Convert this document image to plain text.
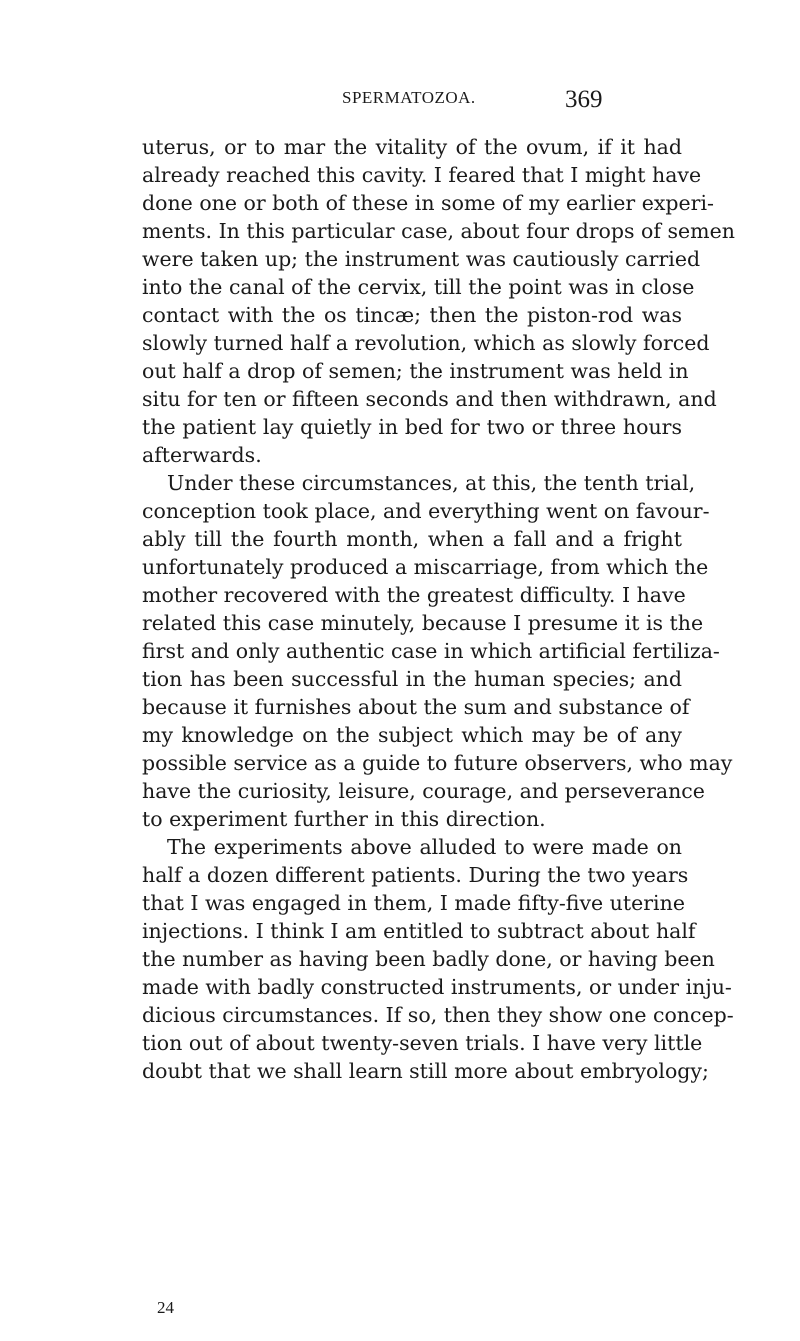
SPERMATOZOA.	369
uterus, or to mar the vitality of the ovum, if it had
already reached this cavity. I feared that I might have
done one or both of these in some of my earlier experi-
ments. In this particular case, about four drops of semen
were taken up; the instrument was cautiously carried
into the canal of the cervix, till the point was in close
contact with the os tincæ; then the piston-rod was
slowly turned half a revolution, which as slowly forced
out half a drop of semen; the instrument was held in
situ for ten or fifteen seconds and then withdrawn, and
the patient lay quietly in bed for two or three hours
afterwards.
Under these circumstances, at this, the tenth trial,
conception took place, and everything went on favour-
ably till the fourth month, when a fall and a fright
unfortunately produced a miscarriage, from which the
mother recovered with the greatest difficulty. I have
related this case minutely, because I presume it is the
first and only authentic case in which artificial fertiliza-
tion has been successful in the human species; and
because it furnishes about the sum and substance of
my knowledge on the subject which may be of any
possible service as a guide to future observers, who may
have the curiosity, leisure, courage, and perseverance
to experiment further in this direction.
The experiments above alluded to were made on
half a dozen different patients. During the two years
that I was engaged in them, I made fifty-five uterine
injections. I think I am entitled to subtract about half
the number as having been badly done, or having been
made with badly constructed instruments, or under inju-
dicious circumstances. If so, then they show one concep-
tion out of about twenty-seven trials. I have very little
doubt that we shall learn still more about embryology;
24
